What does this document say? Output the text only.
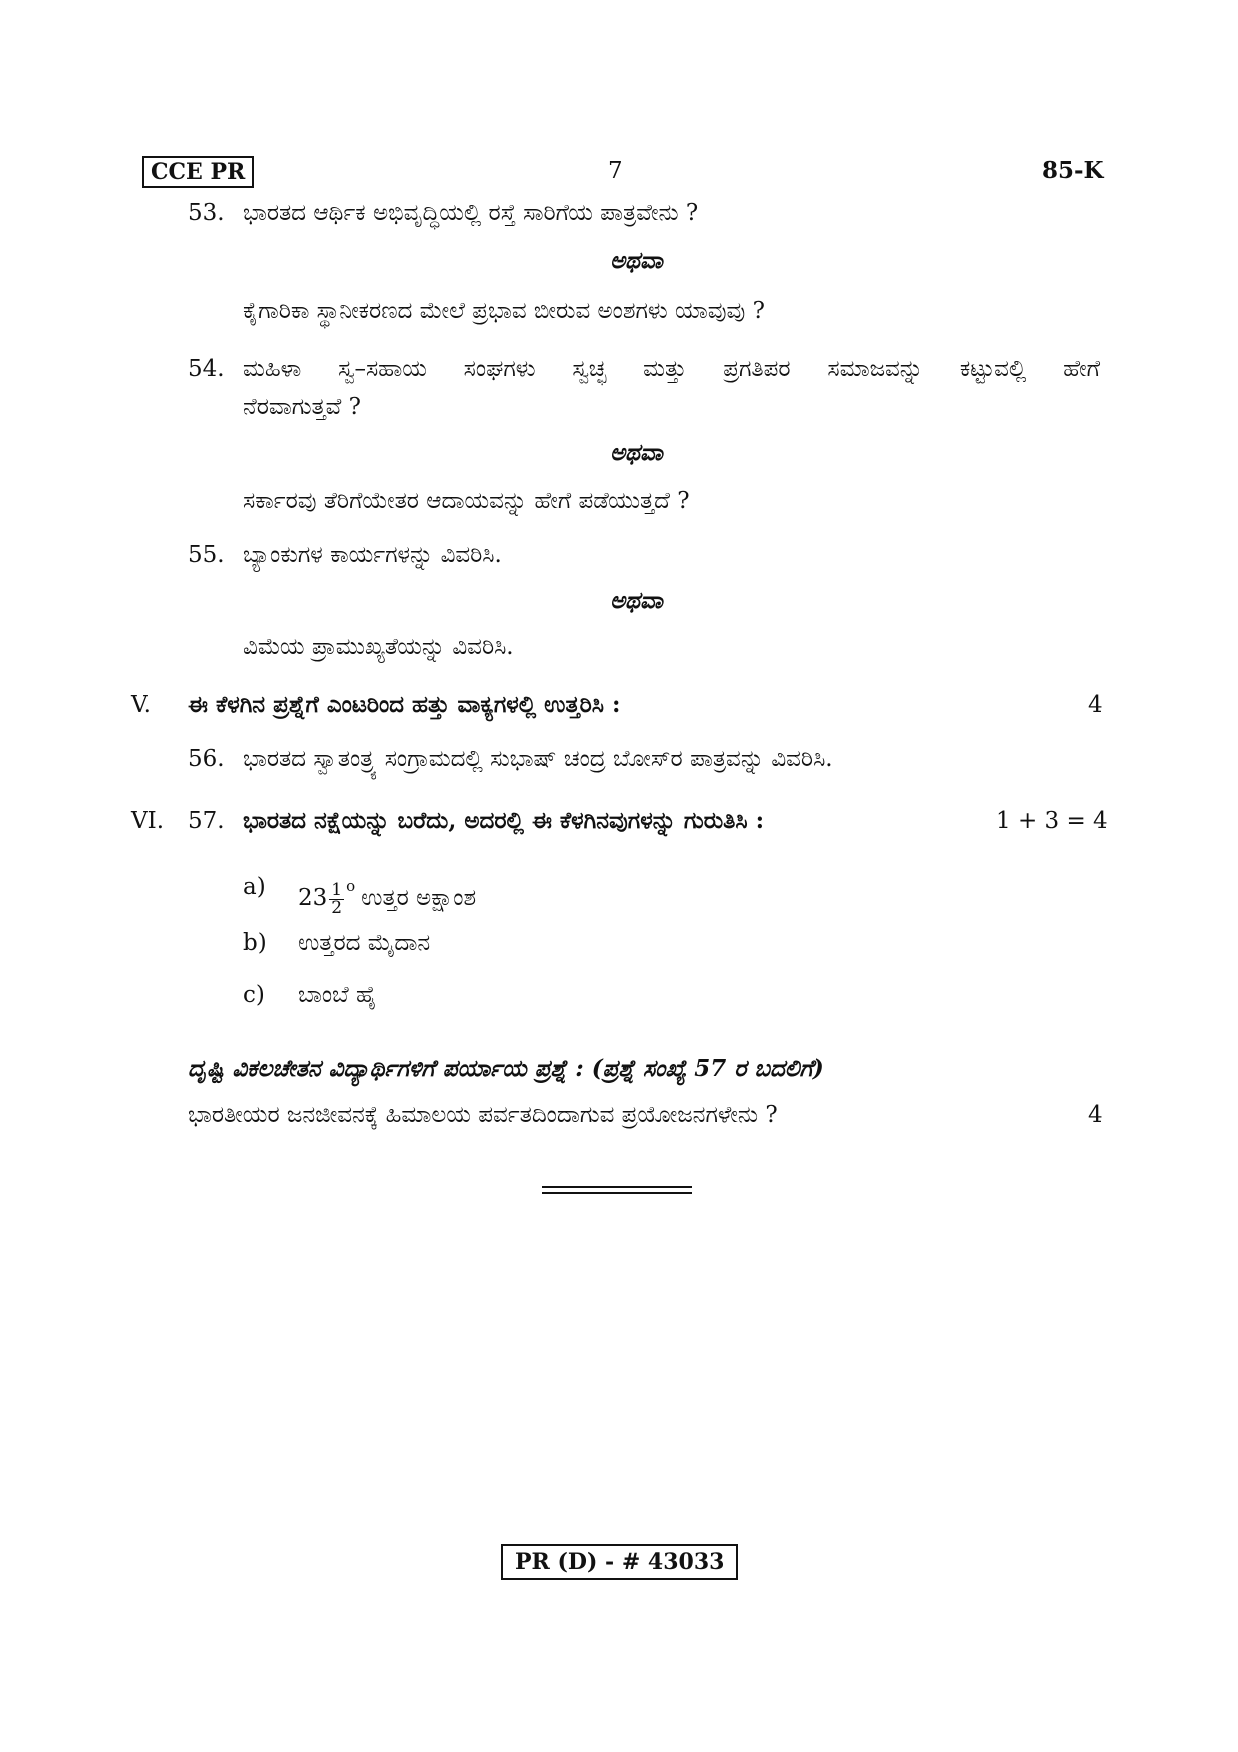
CCE PR	7	85-K
53. ಭಾರತದ ಆರ್ಥಿಕ ಅಭಿವೃದ್ಧಿಯಲ್ಲಿ ರಸ್ತೆ ಸಾರಿಗೆಯ ಪಾತ್ರವೇನು ?
ಅಥವಾ
ಕೈಗಾರಿಕಾ ಸ್ಥಾನೀಕರಣದ ಮೇಲೆ ಪ್ರಭಾವ ಬೀರುವ ಅಂಶಗಳು ಯಾವುವು ?
54. ಮಹಿಳಾ ಸ್ವ–ಸಹಾಯ ಸಂಘಗಳು ಸ್ವಚ್ಛ ಮತ್ತು ಪ್ರಗತಿಪರ ಸಮಾಜವನ್ನು ಕಟ್ಟುವಲ್ಲಿ ಹೇಗೆ
ನೆರವಾಗುತ್ತವೆ ?
ಅಥವಾ
ಸರ್ಕಾರವು ತೆರಿಗೆಯೇತರ ಆದಾಯವನ್ನು ಹೇಗೆ ಪಡೆಯುತ್ತದೆ ?
55. ಬ್ಯಾಂಕುಗಳ ಕಾರ್ಯಗಳನ್ನು ವಿವರಿಸಿ.
ಅಥವಾ
ವಿಮೆಯ ಪ್ರಾಮುಖ್ಯತೆಯನ್ನು ವಿವರಿಸಿ.
V. ಈ ಕೆಳಗಿನ ಪ್ರಶ್ನೆಗೆ ಎಂಟರಿಂದ ಹತ್ತು ವಾಕ್ಯಗಳಲ್ಲಿ ಉತ್ತರಿಸಿ :	4
56. ಭಾರತದ ಸ್ವಾತಂತ್ರ್ಯ ಸಂಗ್ರಾಮದಲ್ಲಿ ಸುಭಾಷ್ ಚಂದ್ರ ಬೋಸ್‌ರ ಪಾತ್ರವನ್ನು ವಿವರಿಸಿ.
VI. 57. ಭಾರತದ ನಕ್ಷೆಯನ್ನು ಬರೆದು, ಅದರಲ್ಲಿ ಈ ಕೆಳಗಿನವುಗಳನ್ನು ಗುರುತಿಸಿ :	1 + 3 = 4
a) $23 \frac{1}{2} ^o$ ಉತ್ತರ ಅಕ್ಷಾಂಶ
b) ಉತ್ತರದ ಮೈದಾನ
c) ಬಾಂಬೆ ಹೈ
ದೃಷ್ಟಿ ವಿಕಲಚೇತನ ವಿದ್ಯಾರ್ಥಿಗಳಿಗೆ ಪರ್ಯಾಯ ಪ್ರಶ್ನೆ : (ಪ್ರಶ್ನೆ ಸಂಖ್ಯೆ 57 ರ ಬದಲಿಗೆ)
ಭಾರತೀಯರ ಜನಜೀವನಕ್ಕೆ ಹಿಮಾಲಯ ಪರ್ವತದಿಂದಾಗುವ ಪ್ರಯೋಜನಗಳೇನು ?	4
PR (D) - # 43033
